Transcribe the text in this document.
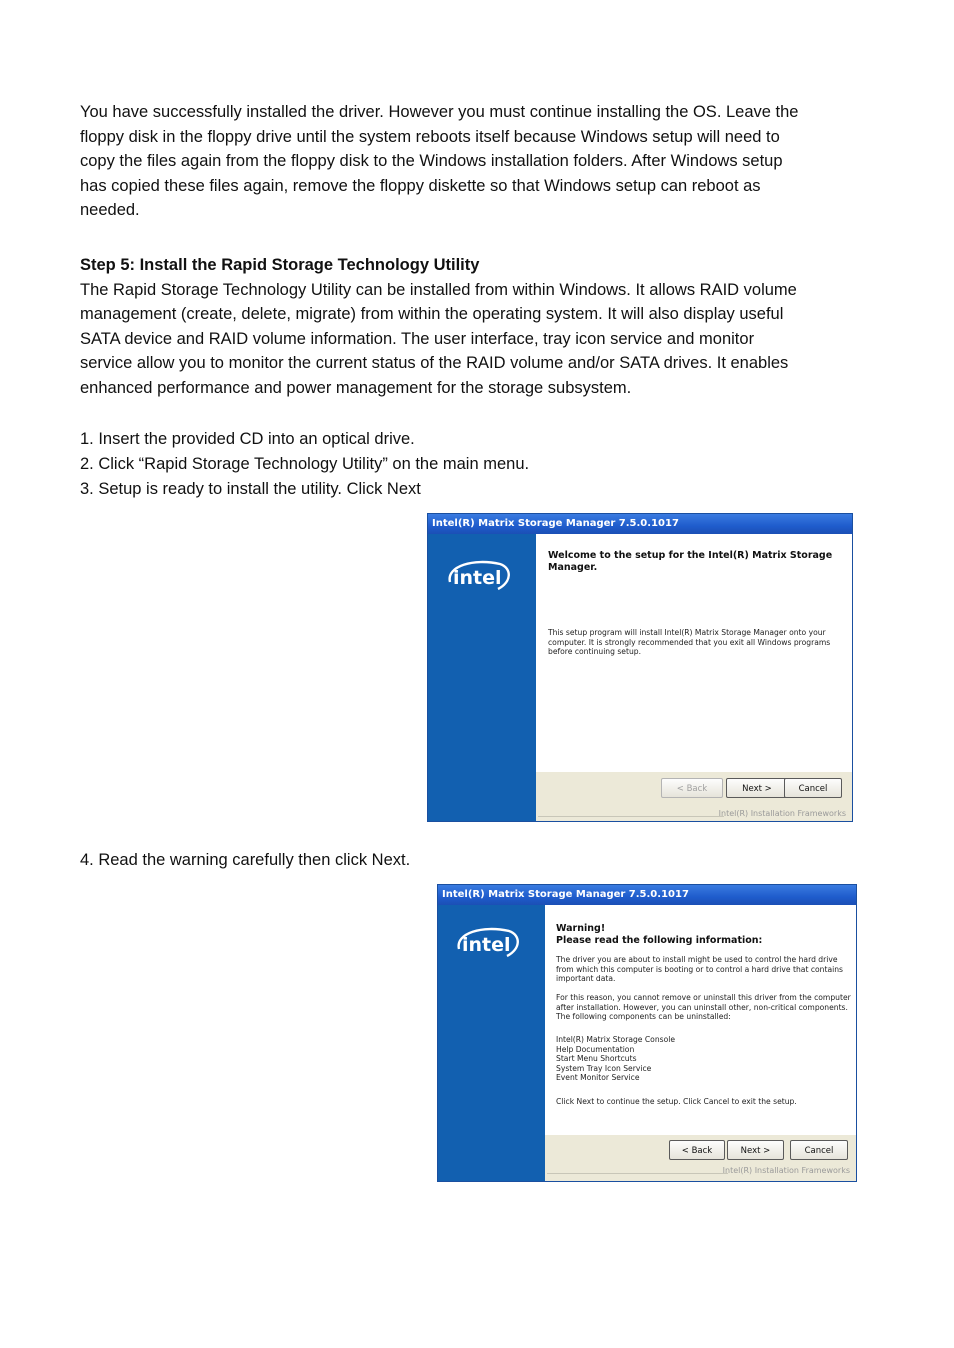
You have successfully installed the driver. However you must continue installing the OS. Leave the
floppy disk in the floppy drive until the system reboots itself because Windows setup will need to
copy the files again from the floppy disk to the Windows installation folders. After Windows setup
has copied these files again, remove the floppy diskette so that Windows setup can reboot as
needed.
Step 5: Install the Rapid Storage Technology Utility
The Rapid Storage Technology Utility can be installed from within Windows. It allows RAID volume
management (create, delete, migrate) from within the operating system. It will also display useful
SATA device and RAID volume information. The user interface, tray icon service and monitor
service allow you to monitor the current status of the RAID volume and/or SATA drives. It enables
enhanced performance and power management for the storage subsystem.
1. Insert the provided CD into an optical drive.
2. Click “Rapid Storage Technology Utility” on the main menu.
3. Setup is ready to install the utility. Click Next
Intel(R) Matrix Storage Manager 7.5.0.1017
intel
Welcome to the setup for the Intel(R) Matrix Storage
Manager.
This setup program will install Intel(R) Matrix Storage Manager onto your
computer. It is strongly recommended that you exit all Windows programs
before continuing setup.
< Back	Next >	Cancel
Intel(R) Installation Frameworks
4. Read the warning carefully then click Next.
Intel(R) Matrix Storage Manager 7.5.0.1017
intel
Warning!
Please read the following information:
The driver you are about to install might be used to control the hard drive
from which this computer is booting or to control a hard drive that contains
important data.
For this reason, you cannot remove or uninstall this driver from the computer
after installation. However, you can uninstall other, non-critical components.
The following components can be uninstalled:
Intel(R) Matrix Storage Console
Help Documentation
Start Menu Shortcuts
System Tray Icon Service
Event Monitor Service
Click Next to continue the setup. Click Cancel to exit the setup.
< Back	Next >	Cancel
Intel(R) Installation Frameworks
